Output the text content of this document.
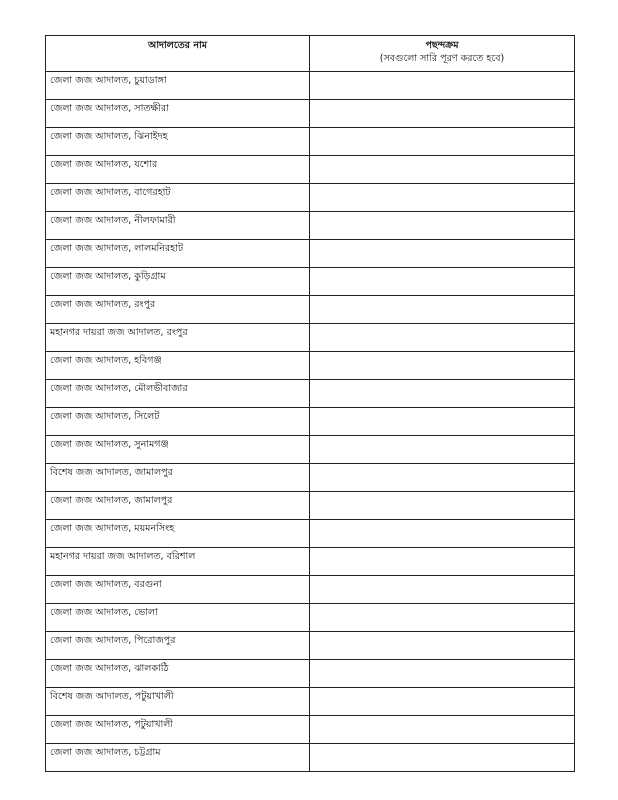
আদালতের নাম	পছন্দক্রম
(সবগুলো সারি পূরণ করতে হবে)

জেলা জজ আদালত, চুয়াডাঙ্গা	
জেলা জজ আদালত, সাতক্ষীরা	
জেলা জজ আদালত, ঝিনাইদহ	
জেলা জজ আদালত, যশোর	
জেলা জজ আদালত, বাগেরহাট	
জেলা জজ আদালত, নীলফামারী	
জেলা জজ আদালত, লালমনিরহাট	
জেলা জজ আদালত, কুড়িগ্রাম	
জেলা জজ আদালত, রংপুর	
মহানগর দায়রা জজ আদালত, রংপুর	
জেলা জজ আদালত, হবিগঞ্জ	
জেলা জজ আদালত, মৌলভীবাজার	
জেলা জজ আদালত, সিলেট	
জেলা জজ আদালত, সুনামগঞ্জ	
বিশেষ জজ আদালত, জামালপুর	
জেলা জজ আদালত, জামালপুর	
জেলা জজ আদালত, ময়মনসিংহ	
মহানগর দায়রা জজ আদালত, বরিশাল	
জেলা জজ আদালত, বরগুনা	
জেলা জজ আদালত, ভোলা	
জেলা জজ আদালত, পিরোজপুর	
জেলা জজ আদালত, ঝালকাঠি	
বিশেষ জজ আদালত, পটুয়াখালী	
জেলা জজ আদালত, পটুয়াখালী	
জেলা জজ আদালত, চট্টগ্রাম	
